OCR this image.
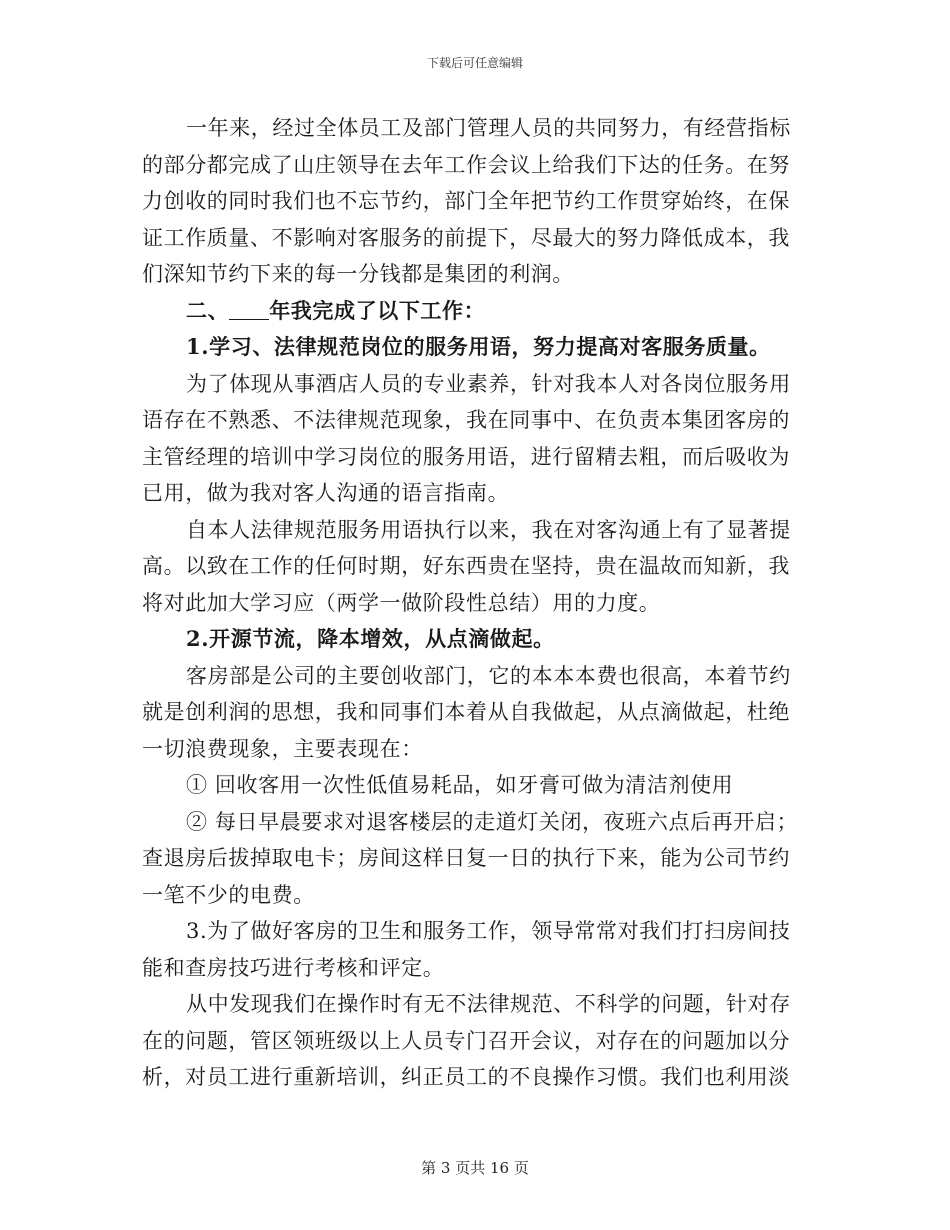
下载后可任意编辑

一年来，经过全体员工及部门管理人员的共同努力，有经营指标
的部分都完成了山庄领导在去年工作会议上给我们下达的任务。在努
力创收的同时我们也不忘节约，部门全年把节约工作贯穿始终，在保
证工作质量、不影响对客服务的前提下，尽最大的努力降低成本，我
们深知节约下来的每一分钱都是集团的利润。

二、 年我完成了以下工作：

1.学习、法律规范岗位的服务用语，努力提高对客服务质量。

为了体现从事酒店人员的专业素养，针对我本人对各岗位服务用
语存在不熟悉、不法律规范现象，我在同事中、在负责本集团客房的
主管经理的培训中学习岗位的服务用语，进行留精去粗，而后吸收为
已用，做为我对客人沟通的语言指南。

自本人法律规范服务用语执行以来，我在对客沟通上有了显著提
高。以致在工作的任何时期，好东西贵在坚持，贵在温故而知新，我
将对此加大学习应（两学一做阶段性总结）用的力度。

2.开源节流，降本增效，从点滴做起。

客房部是公司的主要创收部门，它的本本本费也很高，本着节约
就是创利润的思想，我和同事们本着从自我做起，从点滴做起，杜绝
一切浪费现象，主要表现在：

① 回收客用一次性低值易耗品，如牙膏可做为清洁剂使用

② 每日早晨要求对退客楼层的走道灯关闭，夜班六点后再开启；
查退房后拔掉取电卡；房间这样日复一日的执行下来，能为公司节约
一笔不少的电费。

3.为了做好客房的卫生和服务工作，领导常常对我们打扫房间技
能和查房技巧进行考核和评定。

从中发现我们在操作时有无不法律规范、不科学的问题，针对存
在的问题，管区领班级以上人员专门召开会议，对存在的问题加以分
析，对员工进行重新培训，纠正员工的不良操作习惯。我们也利用淡

第 3 页共 16 页
